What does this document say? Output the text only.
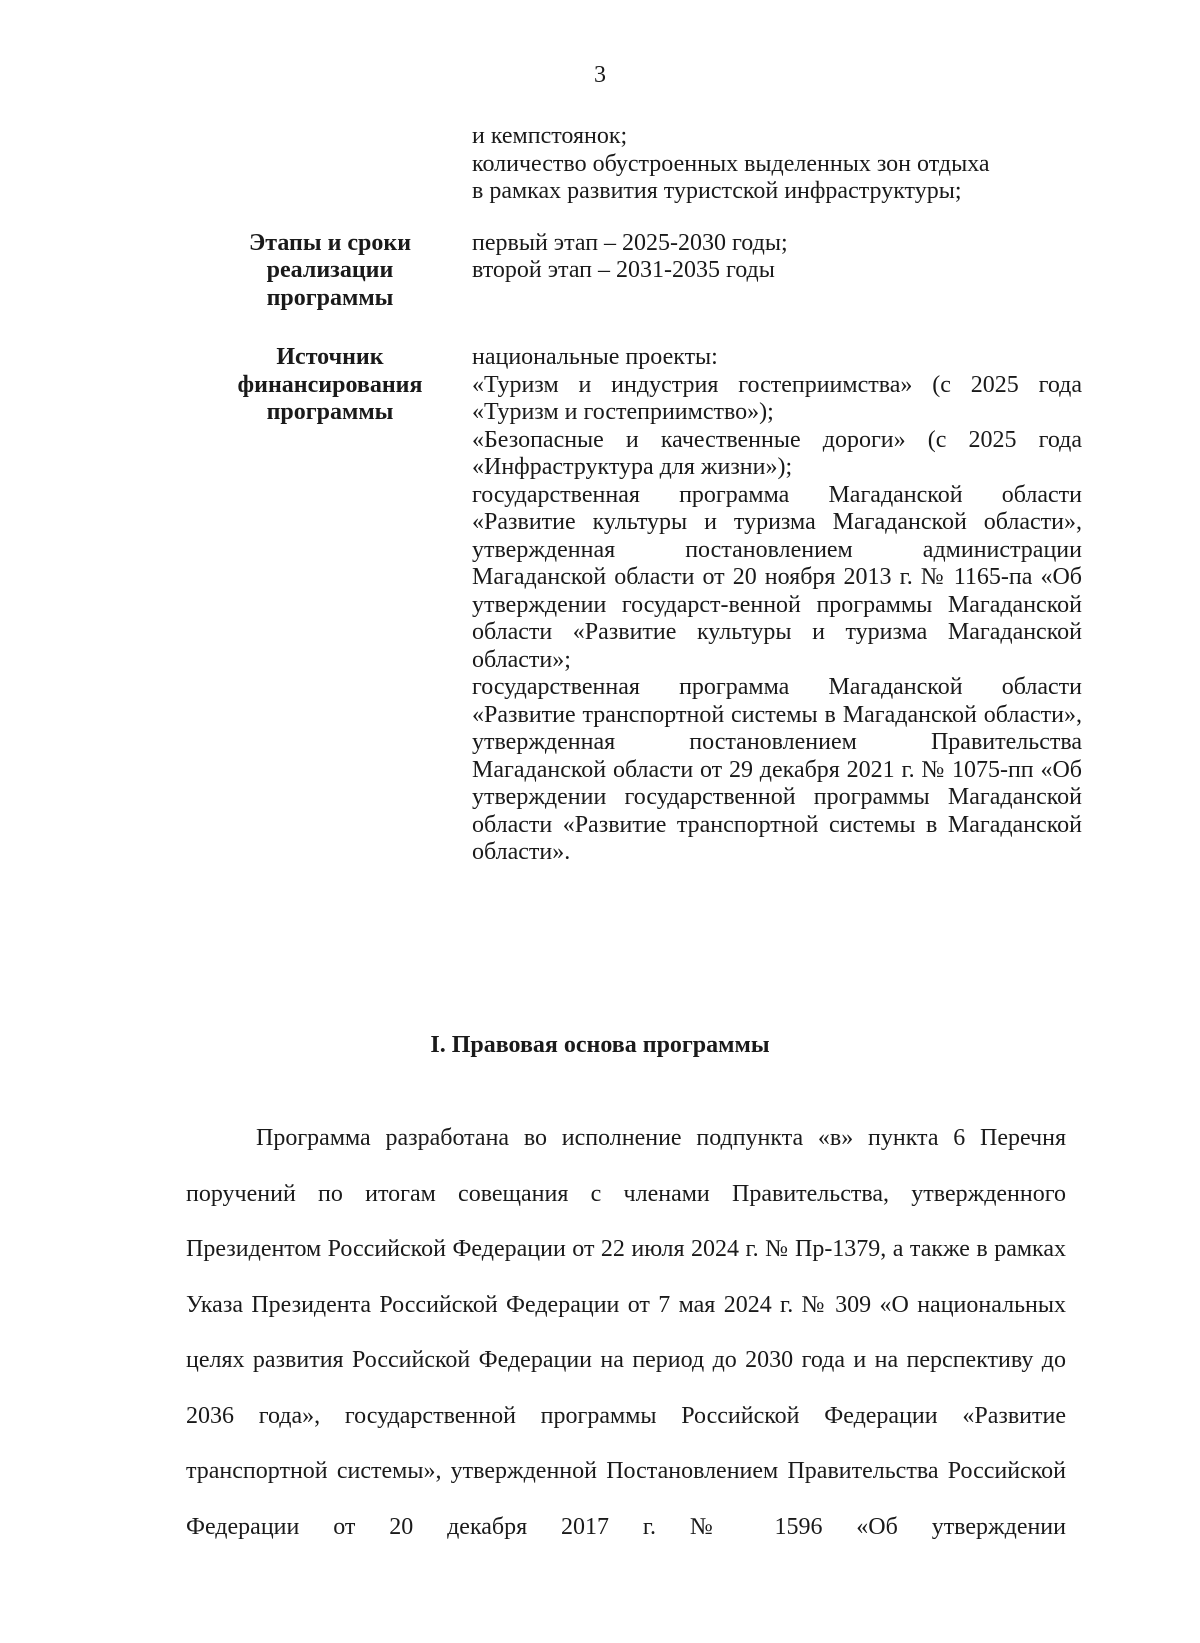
3

и кемпстоянок;

количество обустроенных выделенных зон отдыха

в рамках развития туристской инфраструктуры;

Этапы и сроки реализации программы

первый этап – 2025-2030 годы;

второй этап – 2031-2035 годы

Источник финансирования программы

национальные проекты:

«Туризм и индустрия гостеприимства» (с 2025 года «Туризм и гостеприимство»);

«Безопасные и качественные дороги» (с 2025 года «Инфраструктура для жизни»);

государственная программа Магаданской области «Развитие культуры и туризма Магаданской области», утвержденная постановлением администрации Магаданской области от 20 ноября 2013 г. № 1165-па «Об утверждении государст-венной программы Магаданской области «Развитие культуры и туризма Магаданской области»;

государственная программа Магаданской области «Развитие транспортной системы в Магаданской области», утвержденная постановлением Правительства Магаданской области от 29 декабря 2021 г. № 1075-пп «Об утверждении государственной программы Магаданской области «Развитие транспортной системы в Магаданской области».

I. Правовая основа программы

Программа разработана во исполнение подпункта «в» пункта 6 Перечня поручений по итогам совещания с членами Правительства, утвержденного Президентом Российской Федерации от 22 июля 2024 г. № Пр-1379, а также в рамках Указа Президента Российской Федерации от 7 мая 2024 г. № 309 «О национальных целях развития Российской Федерации на период до 2030 года и на перспективу до 2036 года», государственной программы Российской Федерации «Развитие транспортной системы», утвержденной Постановлением Правительства Российской Федерации от 20 декабря 2017 г. № 1596 «Об утверждении
